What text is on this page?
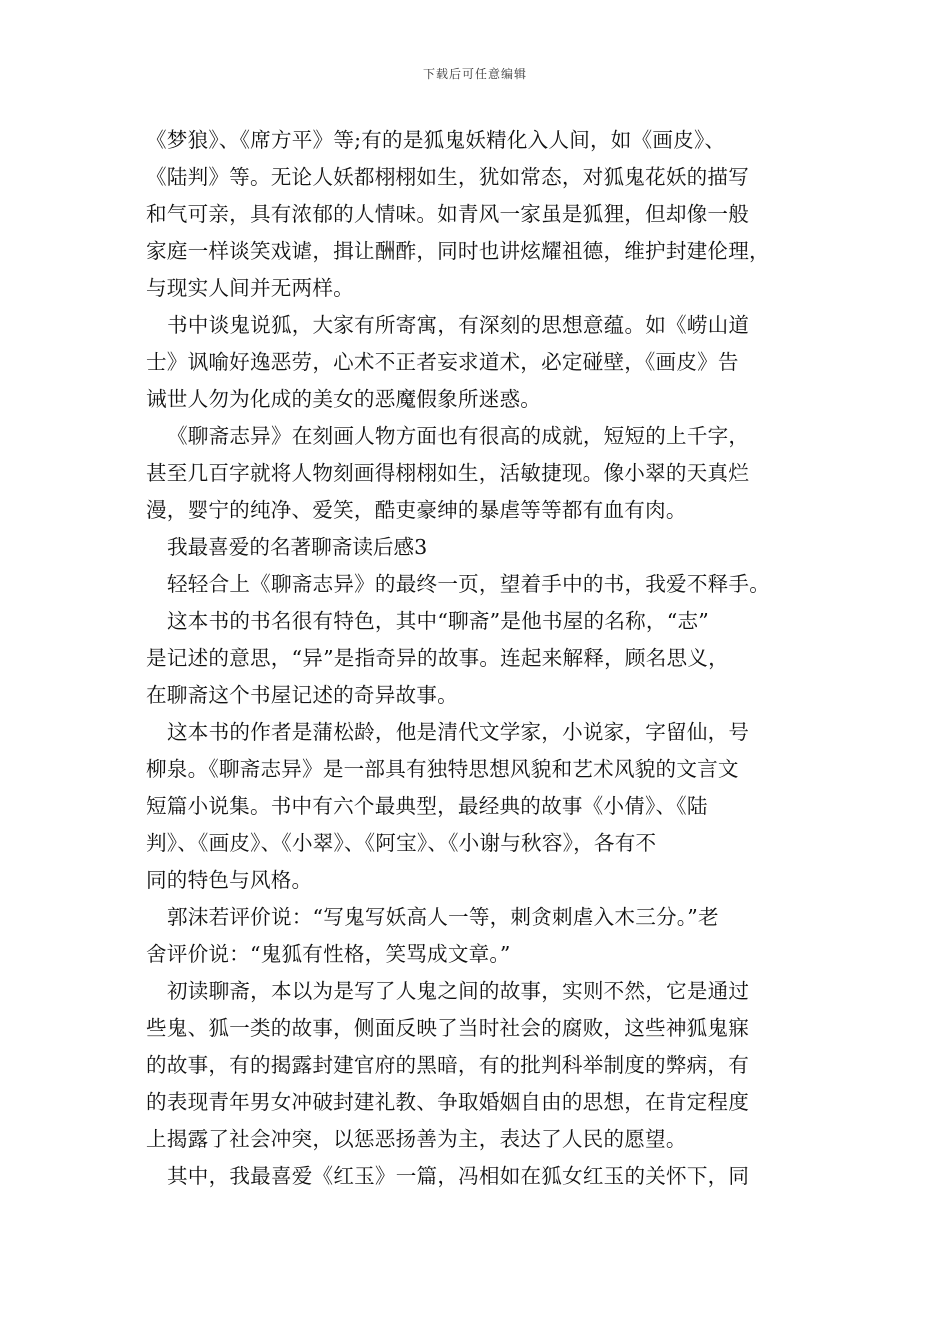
下载后可任意编辑
《梦狼》、《席方平》等;有的是狐鬼妖精化入人间，如《画皮》、
《陆判》等。无论人妖都栩栩如生，犹如常态，对狐鬼花妖的描写
和气可亲，具有浓郁的人情味。如青风一家虽是狐狸，但却像一般
家庭一样谈笑戏谑，揖让酬酢，同时也讲炫耀祖德，维护封建伦理，
与现实人间并无两样。
书中谈鬼说狐，大家有所寄寓，有深刻的思想意蕴。如《崂山道
士》讽喻好逸恶劳，心术不正者妄求道术，必定碰壁，《画皮》告
诫世人勿为化成的美女的恶魔假象所迷惑。
《聊斋志异》在刻画人物方面也有很高的成就，短短的上千字，
甚至几百字就将人物刻画得栩栩如生，活敏捷现。像小翠的天真烂
漫，婴宁的纯净、爱笑，酷吏豪绅的暴虐等等都有血有肉。
我最喜爱的名著聊斋读后感3
轻轻合上《聊斋志异》的最终一页，望着手中的书，我爱不释手。
这本书的书名很有特色，其中“聊斋”是他书屋的名称，“志”
是记述的意思，“异”是指奇异的故事。连起来解释，顾名思义，
在聊斋这个书屋记述的奇异故事。
这本书的作者是蒲松龄，他是清代文学家，小说家，字留仙，号
柳泉。《聊斋志异》是一部具有独特思想风貌和艺术风貌的文言文
短篇小说集。书中有六个最典型，最经典的故事《小倩》、《陆
判》、《画皮》、《小翠》、《阿宝》、《小谢与秋容》，各有不
同的特色与风格。
郭沫若评价说：“写鬼写妖高人一等，刺贪刺虐入木三分。”老
舍评价说：“鬼狐有性格，笑骂成文章。”
初读聊斋，本以为是写了人鬼之间的故事，实则不然，它是通过
些鬼、狐一类的故事，侧面反映了当时社会的腐败，这些神狐鬼寐
的故事，有的揭露封建官府的黑暗，有的批判科举制度的弊病，有
的表现青年男女冲破封建礼教、争取婚姻自由的思想，在肯定程度
上揭露了社会冲突，以惩恶扬善为主，表达了人民的愿望。
其中，我最喜爱《红玉》一篇，冯相如在狐女红玉的关怀下，同
